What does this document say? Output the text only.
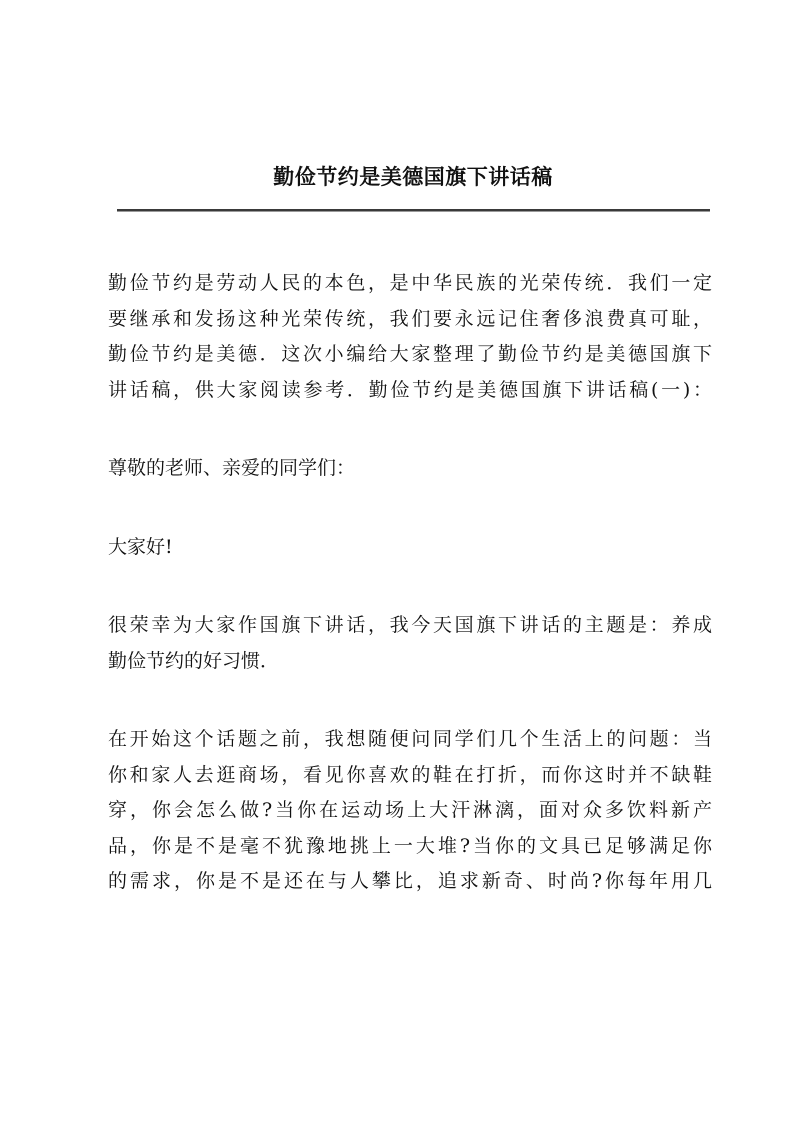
勤俭节约是美德国旗下讲话稿

勤俭节约是劳动人民的本色，是中华民族的光荣传统．我们一定
要继承和发扬这种光荣传统，我们要永远记住奢侈浪费真可耻，
勤俭节约是美德．这次小编给大家整理了勤俭节约是美德国旗下
讲话稿，供大家阅读参考．勤俭节约是美德国旗下讲话稿(一)：

尊敬的老师、亲爱的同学们：

大家好!

很荣幸为大家作国旗下讲话，我今天国旗下讲话的主题是：养成
勤俭节约的好习惯．

在开始这个话题之前，我想随便问同学们几个生活上的问题：当
你和家人去逛商场，看见你喜欢的鞋在打折，而你这时并不缺鞋
穿，你会怎么做?当你在运动场上大汗淋漓，面对众多饮料新产
品，你是不是毫不犹豫地挑上一大堆?当你的文具已足够满足你
的需求，你是不是还在与人攀比，追求新奇、时尚?你每年用几
